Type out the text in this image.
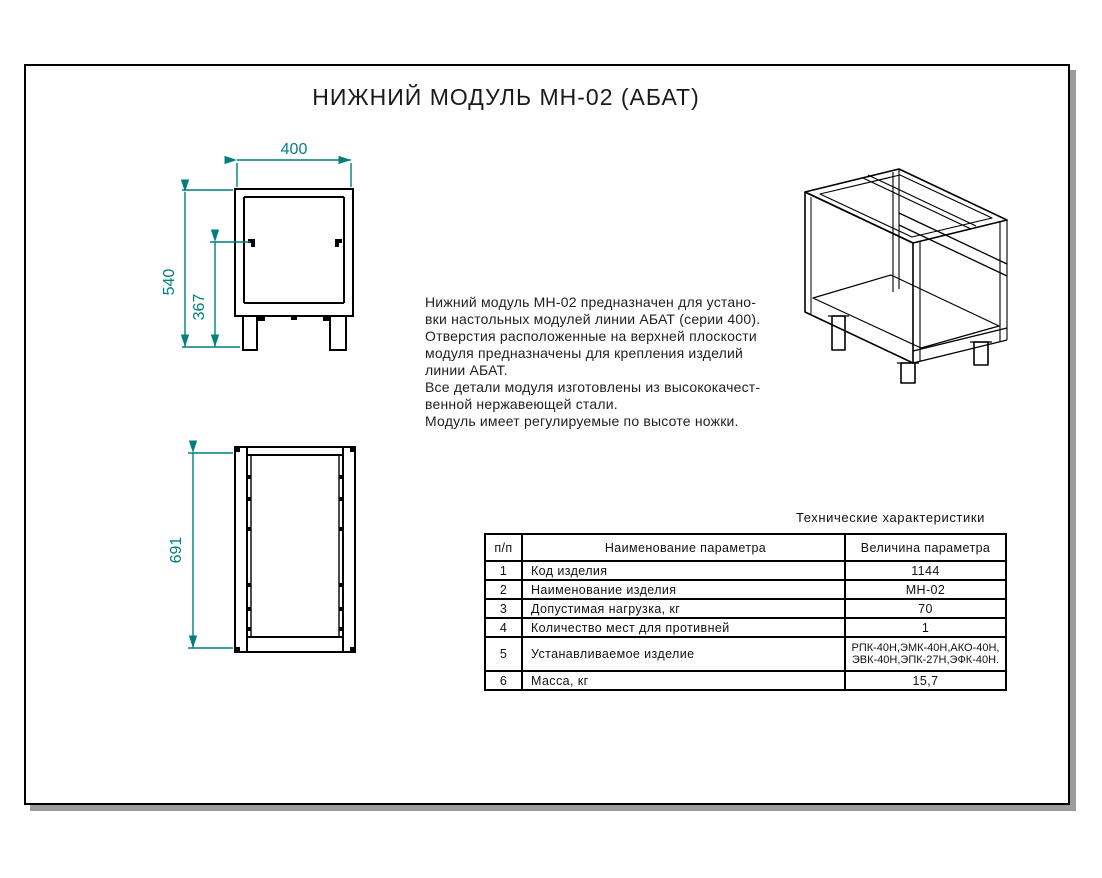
НИЖНИЙ МОДУЛЬ МН-02 (АБАТ)
400
540
367	Нижний модуль МН-02 предназначен для устано-
вки настольных модулей линии АБАТ (серии 400).
Отверстия расположенные на верхней плоскости
модуля предназначены для крепления изделий
линии АБАТ.
Все детали модуля изготовлены из высококачест-
венной нержавеющей стали.
Модуль имеет регулируемые по высоте ножки.
691
Технические характеристики
п/п	Наименование параметра	Величина параметра
1	Код изделия	1144

2	Наименование изделия	МН-02

3	Допустимая нагрузка, кг	70

4	Количество мест для противней	1

5	Устанавливаемое изделие	РПК-40Н,ЭМК-40Н,АКО-40Н,
ЭВК-40Н,ЭПК-27Н,ЭФК-40Н.

6	Масса, кг	15,7
